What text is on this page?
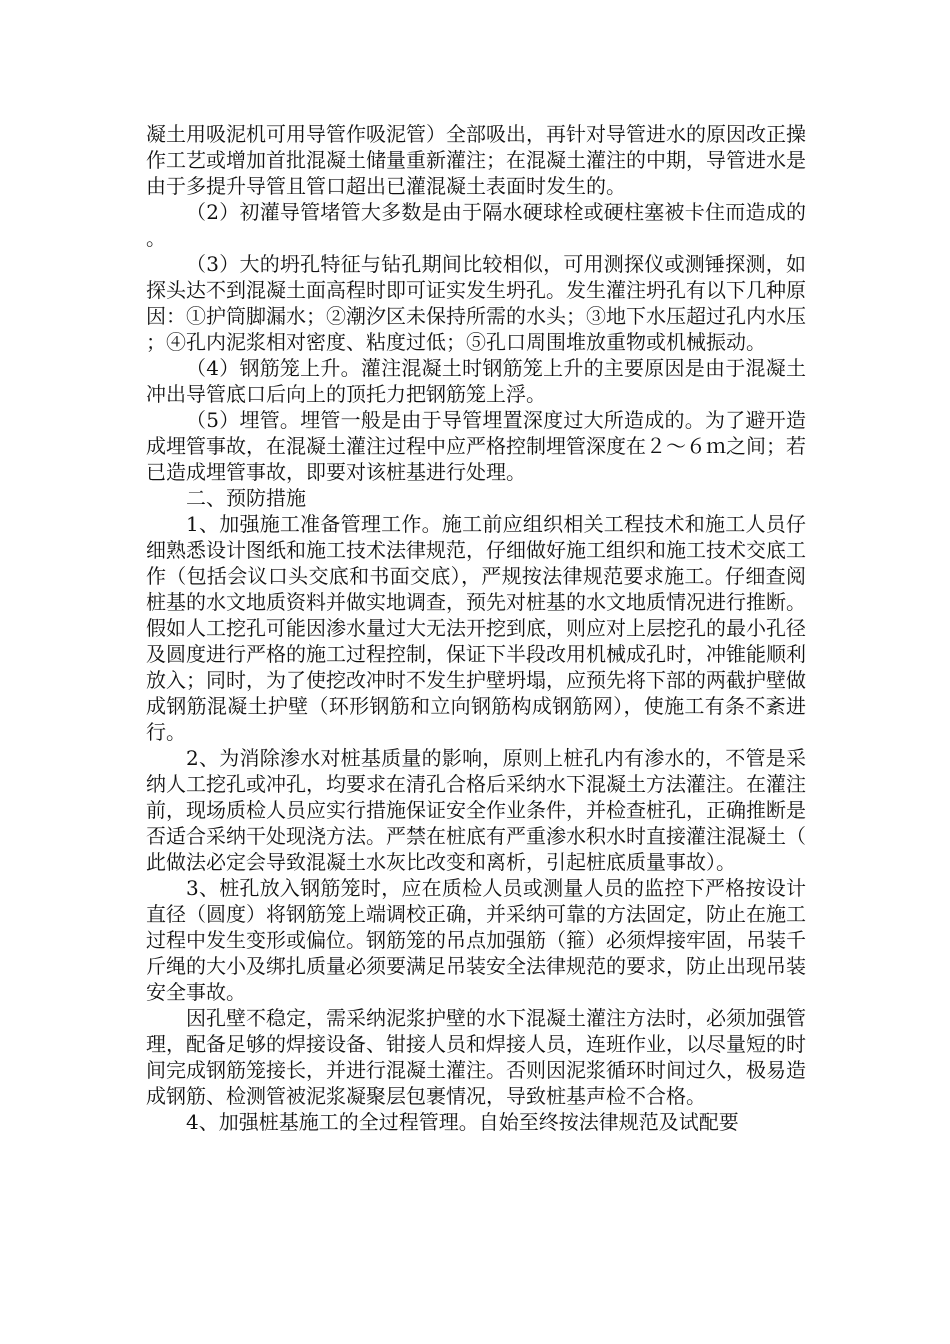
凝土用吸泥机可用导管作吸泥管）全部吸出，再针对导管进水的原因改正操作工艺或增加首批混凝土储量重新灌注；在混凝土灌注的中期，导管进水是由于多提升导管且管口超出已灌混凝土表面时发生的。

（2）初灌导管堵管大多数是由于隔水硬球栓或硬柱塞被卡住而造成的。

（3）大的坍孔特征与钻孔期间比较相似，可用测探仪或测锤探测，如探头达不到混凝土面高程时即可证实发生坍孔。发生灌注坍孔有以下几种原因：①护筒脚漏水；②潮汐区未保持所需的水头；③地下水压超过孔内水压；④孔内泥浆相对密度、粘度过低；⑤孔口周围堆放重物或机械振动。

（4）钢筋笼上升。灌注混凝土时钢筋笼上升的主要原因是由于混凝土冲出导管底口后向上的顶托力把钢筋笼上浮。

（5）埋管。埋管一般是由于导管埋置深度过大所造成的。为了避开造成埋管事故，在混凝土灌注过程中应严格控制埋管深度在２～６ｍ之间；若已造成埋管事故，即要对该桩基进行处理。

二、预防措施

1、加强施工准备管理工作。施工前应组织相关工程技术和施工人员仔细熟悉设计图纸和施工技术法律规范，仔细做好施工组织和施工技术交底工作（包括会议口头交底和书面交底），严规按法律规范要求施工。仔细查阅桩基的水文地质资料并做实地调查，预先对桩基的水文地质情况进行推断。假如人工挖孔可能因渗水量过大无法开挖到底，则应对上层挖孔的最小孔径及圆度进行严格的施工过程控制，保证下半段改用机械成孔时，冲锥能顺利放入；同时，为了使挖改冲时不发生护壁坍塌，应预先将下部的两截护壁做成钢筋混凝土护壁（环形钢筋和立向钢筋构成钢筋网），使施工有条不紊进行。

2、为消除渗水对桩基质量的影响，原则上桩孔内有渗水的，不管是采纳人工挖孔或冲孔，均要求在清孔合格后采纳水下混凝土方法灌注。在灌注前，现场质检人员应实行措施保证安全作业条件，并检查桩孔，正确推断是否适合采纳干处现浇方法。严禁在桩底有严重渗水积水时直接灌注混凝土（此做法必定会导致混凝土水灰比改变和离析，引起桩底质量事故）。

3、桩孔放入钢筋笼时，应在质检人员或测量人员的监控下严格按设计直径（圆度）将钢筋笼上端调校正确，并采纳可靠的方法固定，防止在施工过程中发生变形或偏位。钢筋笼的吊点加强筋（箍）必须焊接牢固，吊装千斤绳的大小及绑扎质量必须要满足吊装安全法律规范的要求，防止出现吊装安全事故。

因孔壁不稳定，需采纳泥浆护壁的水下混凝土灌注方法时，必须加强管理，配备足够的焊接设备、钳接人员和焊接人员，连班作业，以尽量短的时间完成钢筋笼接长，并进行混凝土灌注。否则因泥浆循环时间过久，极易造成钢筋、检测管被泥浆凝聚层包裹情况，导致桩基声检不合格。

4、加强桩基施工的全过程管理。自始至终按法律规范及试配要
